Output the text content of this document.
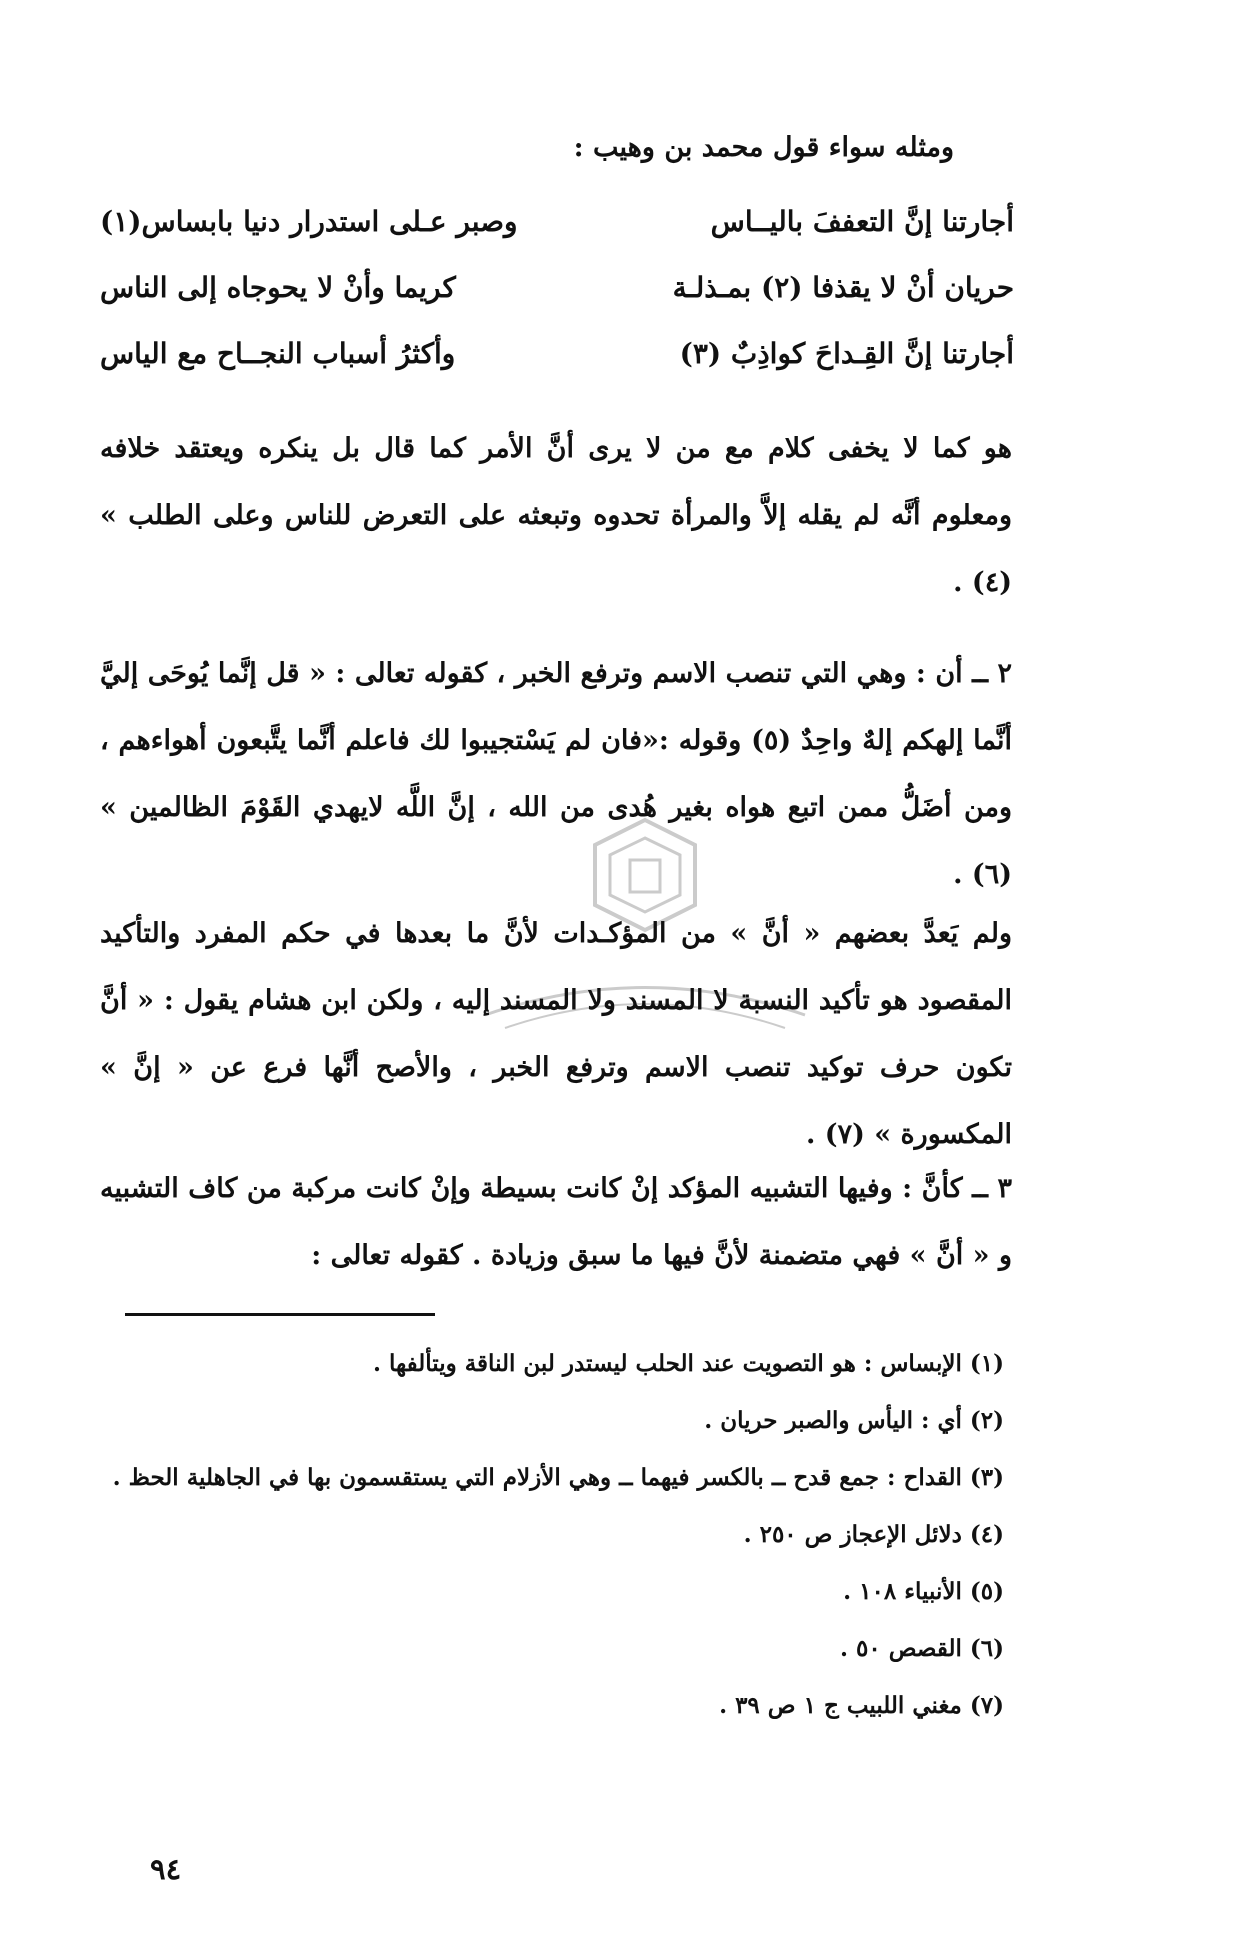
ومثله سواء قول محمد بن وهيب :
أجارتنا إنَّ التعففَ باليــاس
وصبر عـلى استدرار دنيا بابساس(١)
حريان أنْ لا يقذفا (٢) بمـذلـة
كريما وأنْ لا يحوجاه إلى الناس
أجارتنا إنَّ القِـداحَ كواذِبٌ (٣)
وأكثرُ أسباب النجــاح مع الياس
هو كما لا يخفى كلام مع من لا يرى أنَّ الأمر كما قال بل ينكره ويعتقد خلافه ومعلوم أنَّه لم يقله إلاَّ والمرأة تحدوه وتبعثه على التعرض للناس وعلى الطلب » (٤) .
٢ ــ أن : وهي التي تنصب الاسم وترفع الخبر ، كقوله تعالى : « قل إنَّما يُوحَى إليَّ أنَّما إلهكم إلهٌ واحِدٌ (٥) وقوله :«فان لم يَسْتجيبوا لك فاعلم أنَّما يتَّبعون أهواءهم ، ومن أضَلُّ ممن اتبع هواه بغير هُدى من الله ، إنَّ اللَّه لايهدي القَوْمَ الظالمين » (٦) .
ولم يَعدَّ بعضهم « أنَّ » من المؤكـدات لأنَّ ما بعدها في حكم المفرد والتأكيد المقصود هو تأكيد النسبة لا المسند ولا المسند إليه ، ولكن ابن هشام يقول : « أنَّ تكون حرف توكيد تنصب الاسم وترفع الخبر ، والأصح أنَّها فرع عن « إنَّ » المكسورة » (٧) .
٣ ــ كأنَّ : وفيها التشبيه المؤكد إنْ كانت بسيطة وإنْ كانت مركبة من كاف التشبيه و « أنَّ » فهي متضمنة لأنَّ فيها ما سبق وزيادة . كقوله تعالى :
(١) الإبساس : هو التصويت عند الحلب ليستدر لبن الناقة ويتألفها .
(٢) أي : اليأس والصبر حريان .
(٣) القداح : جمع قدح ــ بالكسر فيهما ــ وهي الأزلام التي يستقسمون بها في الجاهلية الحظ .
(٤) دلائل الإعجاز ص ٢٥٠ .
(٥) الأنبياء ١٠٨ .
(٦) القصص ٥٠ .
(٧) مغني اللبيب ج ١ ص ٣٩ .
٩٤
